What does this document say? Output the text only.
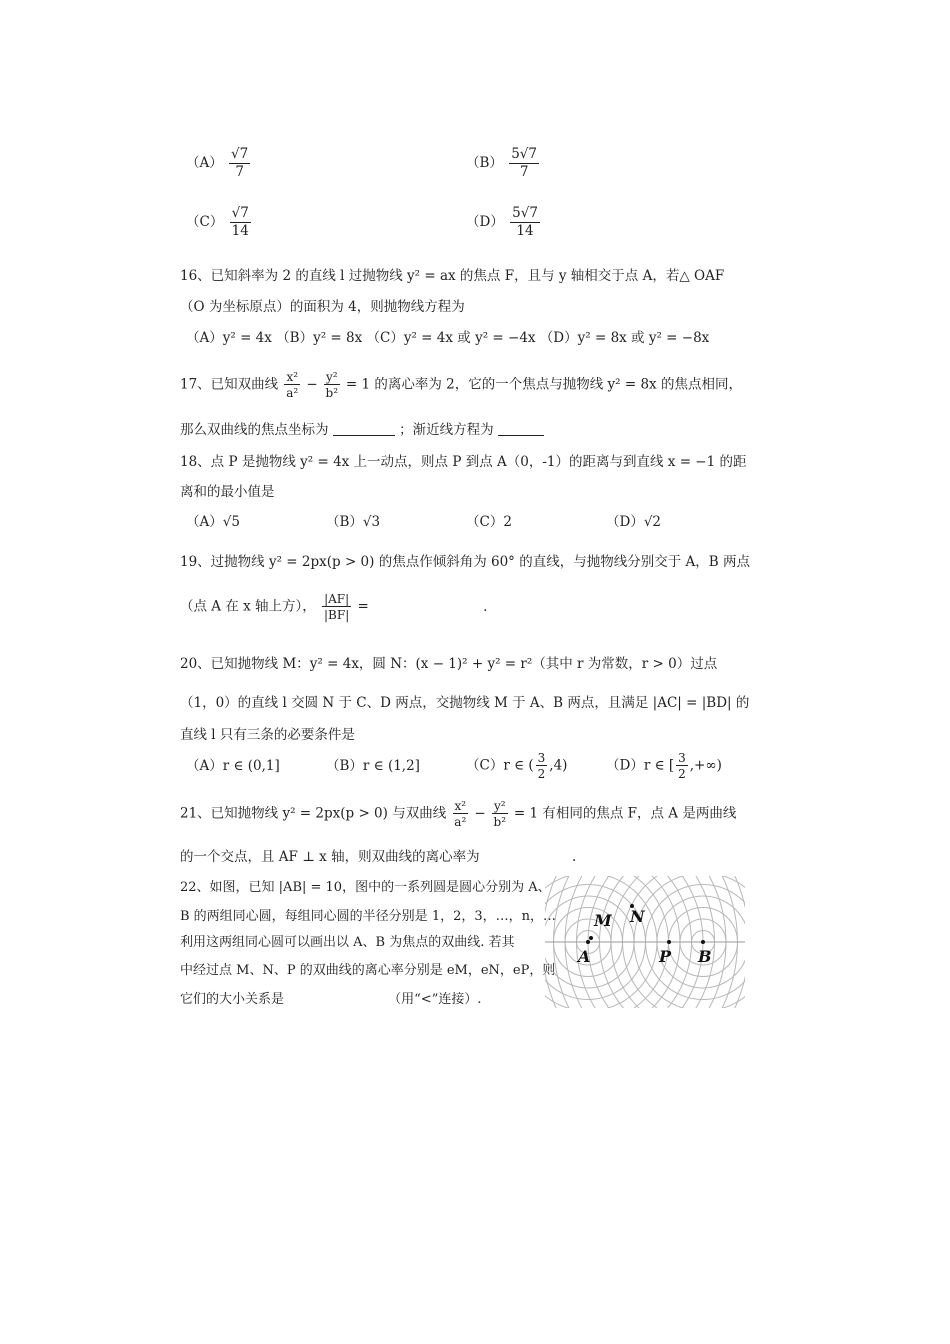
$(A) \frac{√7}{7}$	$(B) \frac{5√7}{7}$
$(C) \frac{√7}{14}$	$(D) \frac{5√7}{14}$
16、已知斜率为 2 的直线 l 过抛物线 y² = ax 的焦点 F，且与 y 轴相交于点 A，若△ OAF
（O 为坐标原点）的面积为 4，则抛物线方程为
（A）y² = 4x （B）y² = 8x （C）y² = 4x 或 y² = −4x （D）y² = 8x 或 y² = −8x
17、已知双曲线 $\frac{\text{x²}}{\text{a²}} - \frac{\text{y²}}{\text{b²}} = 1$ 的离心率为 2，它的一个焦点与抛物线 y² = 8x 的焦点相同，
那么双曲线的焦点坐标为	；渐近线方程为
18、点 P 是抛物线 y² = 4x 上一动点，则点 P 到点 A（0，-1）的距离与到直线 x = −1 的距
离和的最小值是
（A）√5	（B）√3	（C）2	（D）√2
19、过抛物线 y² = 2px(p > 0) 的焦点作倾斜角为 60° 的直线，与抛物线分别交于 A，B 两点
（点 A 在 x 轴上方）， $\frac{|AF|}{|BF|}$ =	.
20、已知抛物线 M：y² = 4x，圆 N：(x − 1)² + y² = r²（其中 r 为常数，r > 0）过点
（1，0）的直线 l 交圆 N 于 C、D 两点，交抛物线 M 于 A、B 两点，且满足 |AC| = |BD| 的
直线 l 只有三条的必要条件是
（A）r ∈ (0,1]	（B）r ∈ (1,2]	（C）r ∈ ( $\frac{3}{2} ,4$)	（D）r ∈ [ $\frac{3}{2}$ ,+∞)
21、已知抛物线 y² = 2px(p > 0) 与双曲线 $\frac{\text{x²}}{\text{a²}} - \frac{\text{y²}}{\text{b²}} = 1$ 有相同的焦点 F，点 A 是两曲线
的一个交点，且 AF ⊥ x 轴，则双曲线的离心率为	.
22、如图，已知 |AB| = 10，图中的一系列圆是圆心分别为 A、
B 的两组同心圆，每组同心圆的半径分别是 1，2，3，…，n，…
利用这两组同心圆可以画出以 A、B 为焦点的双曲线. 若其
中经过点 M、N、P 的双曲线的离心率分别是 eM，eN，eP，则
它们的大小关系是	（用“<”连接）.
M N
A	P B
